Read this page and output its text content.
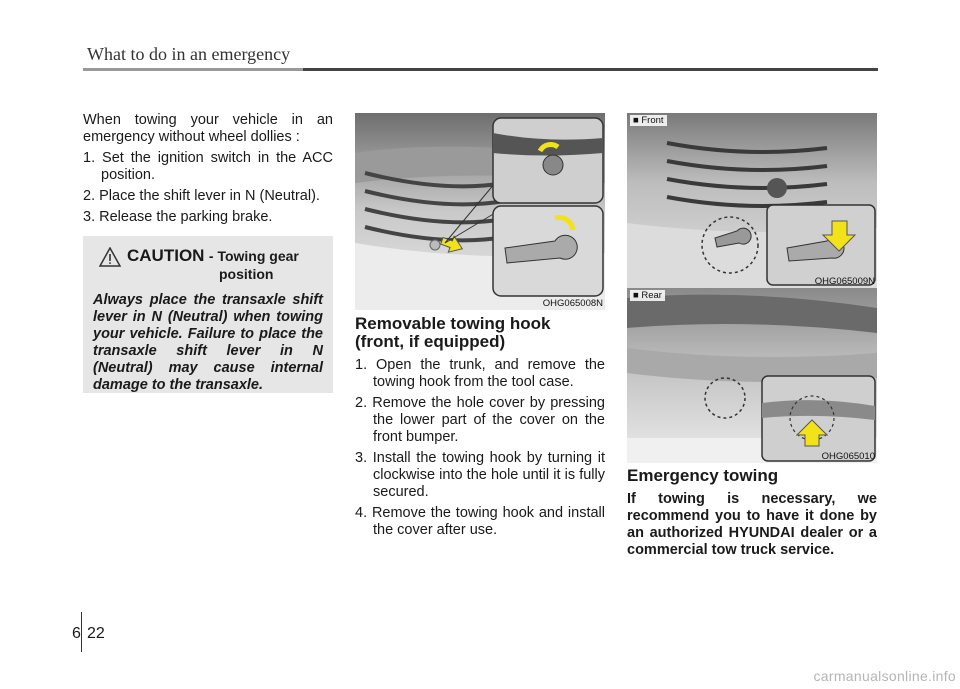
What to do in an emergency

When towing your vehicle in an emergency without wheel dollies :

1. Set the ignition switch in the ACC position.

2. Place the shift lever in N (Neutral).

3. Release the parking brake.

CAUTION - Towing gear
position

Always place the transaxle shift lever in N (Neutral) when towing your vehicle. Failure to place the transaxle shift lever in N (Neutral) may cause internal damage to the transaxle.

OHG065008N
■ Front
OHG065009N
■ Rear
OHG065010
Removable towing hook
(front, if equipped)

1. Open the trunk, and remove the towing hook from the tool case.

2. Remove the hole cover by pressing the lower part of the cover on the front bumper.

3. Install the towing hook by turning it clockwise into the hole until it is fully secured.

4. Remove the towing hook and install the cover after use.

Emergency towing

If towing is necessary, we recommend you to have it done by an authorized HYUNDAI dealer or a commercial tow truck service.

6 22
carmanualsonline.info
